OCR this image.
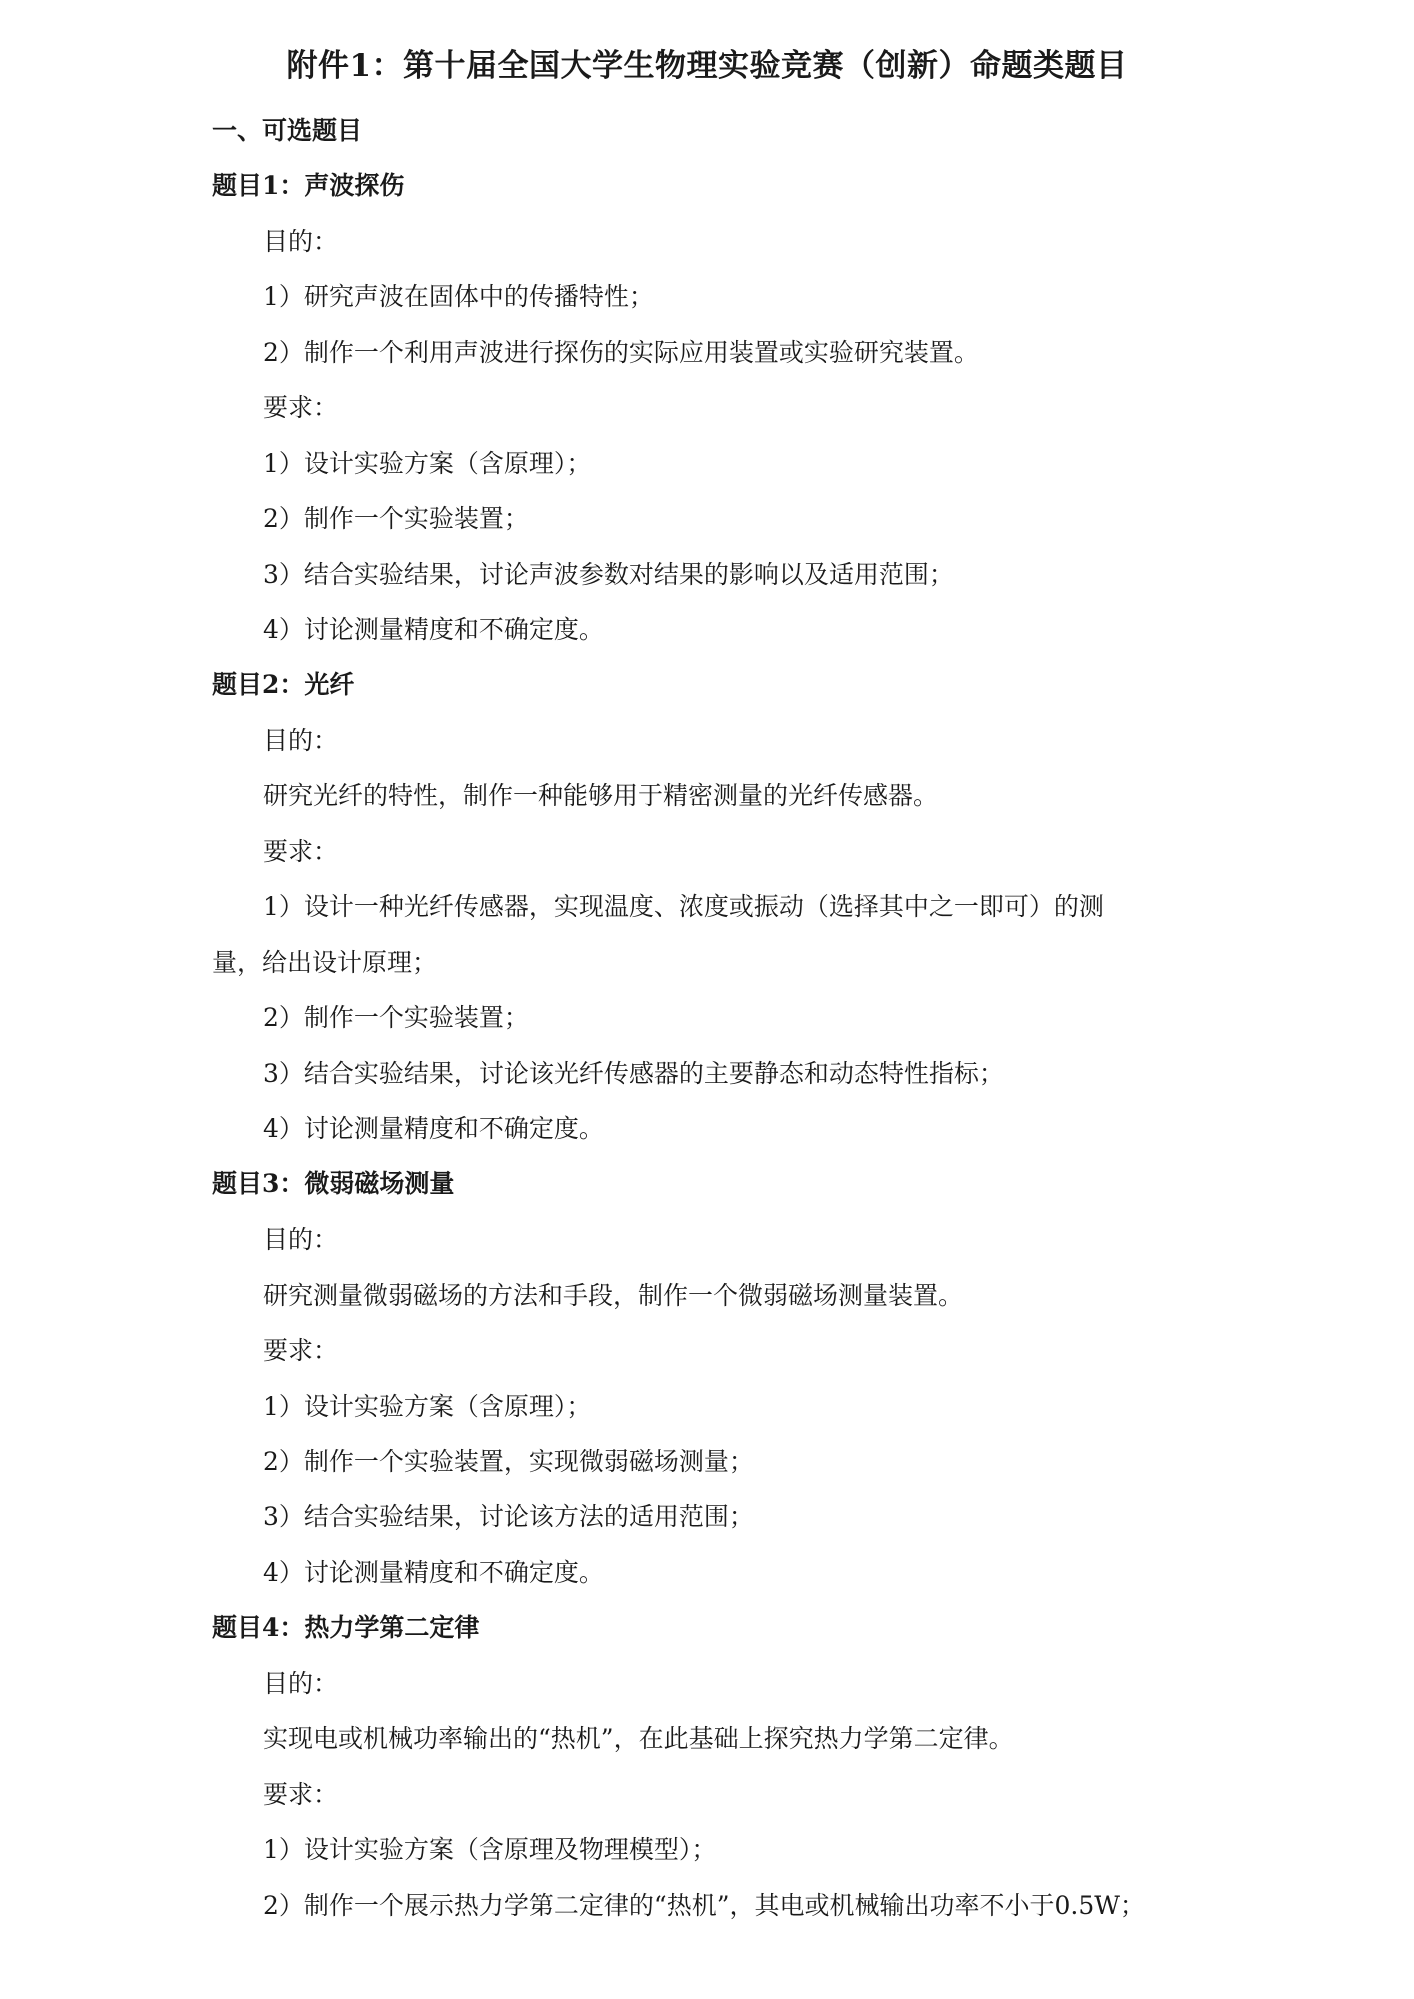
附件1：第十届全国大学生物理实验竞赛（创新）命题类题目
一、可选题目
题目1：声波探伤
目的：
1）研究声波在固体中的传播特性；
2）制作一个利用声波进行探伤的实际应用装置或实验研究装置。
要求：
1）设计实验方案（含原理）；
2）制作一个实验装置；
3）结合实验结果，讨论声波参数对结果的影响以及适用范围；
4）讨论测量精度和不确定度。
题目2：光纤
目的：
研究光纤的特性，制作一种能够用于精密测量的光纤传感器。
要求：
1）设计一种光纤传感器，实现温度、浓度或振动（选择其中之一即可）的测
量，给出设计原理；
2）制作一个实验装置；
3）结合实验结果，讨论该光纤传感器的主要静态和动态特性指标；
4）讨论测量精度和不确定度。
题目3：微弱磁场测量
目的：
研究测量微弱磁场的方法和手段，制作一个微弱磁场测量装置。
要求：
1）设计实验方案（含原理）；
2）制作一个实验装置，实现微弱磁场测量；
3）结合实验结果，讨论该方法的适用范围；
4）讨论测量精度和不确定度。
题目4：热力学第二定律
目的：
实现电或机械功率输出的“热机”，在此基础上探究热力学第二定律。
要求：
1）设计实验方案（含原理及物理模型）；
2）制作一个展示热力学第二定律的“热机”，其电或机械输出功率不小于0.5W；
